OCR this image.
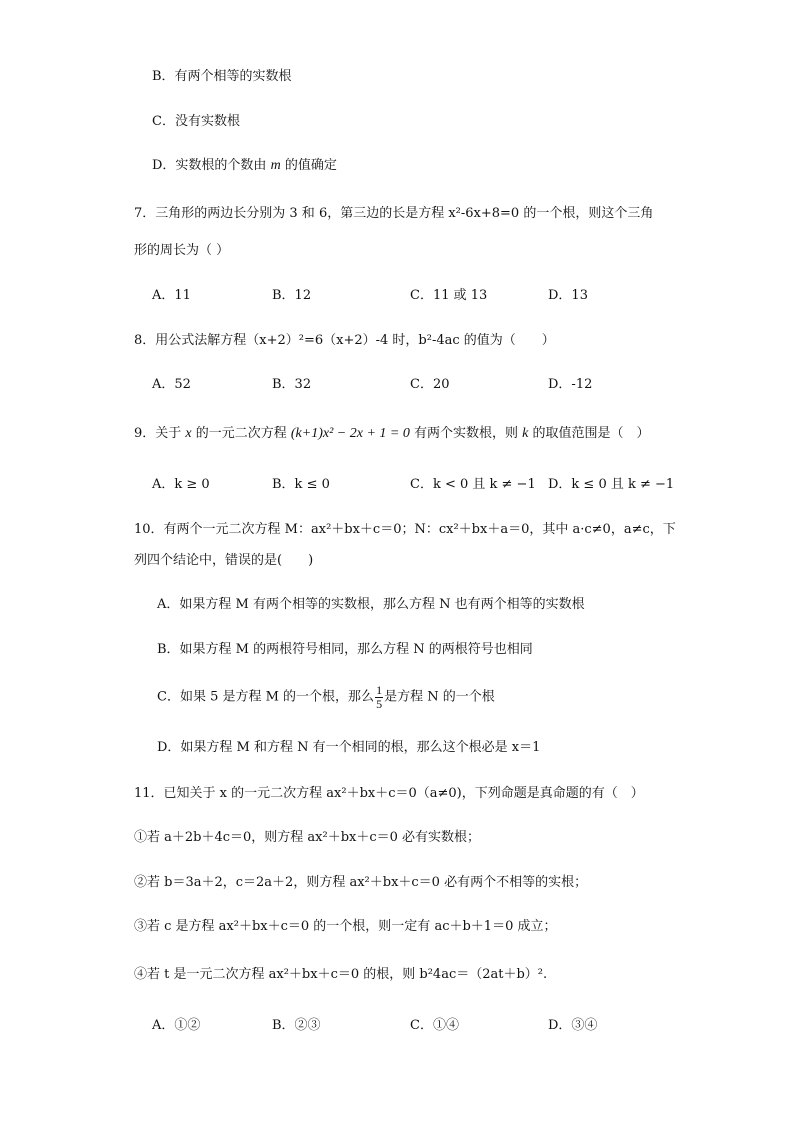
B．有两个相等的实数根
C．没有实数根
D．实数根的个数由 m 的值确定
7．三角形的两边长分别为 3 和 6，第三边的长是方程 x²-6x+8=0 的一个根，则这个三角
形的周长为（ ）
A．11	B．12	C．11 或 13	D．13
8．用公式法解方程（x+2）²=6（x+2）-4 时，b²-4ac 的值为（　　）
A．52	B．32	C．20	D．-12
9．关于 x 的一元二次方程 (k+1)x² − 2x + 1 = 0 有两个实数根，则 k 的取值范围是（　）
A．k ≥ 0	B．k ≤ 0	C．k < 0 且 k ≠ −1 D．k ≤ 0 且 k ≠ −1
10．有两个一元二次方程 M：ax²＋bx＋c＝0；N：cx²＋bx＋a＝0，其中 a·c≠0，a≠c，下
列四个结论中，错误的是(　　)
A．如果方程 M 有两个相等的实数根，那么方程 N 也有两个相等的实数根
B．如果方程 M 的两根符号相同，那么方程 N 的两根符号也相同
C．如果 5 是方程 M 的一个根，那么 $\frac{1}{5}$ 是方程 N 的一个根
D．如果方程 M 和方程 N 有一个相同的根，那么这个根必是 x＝1
11．已知关于 x 的一元二次方程 ax²＋bx＋c＝0（a≠0)，下列命题是真命题的有（　）
①若 a＋2b＋4c＝0，则方程 ax²＋bx＋c＝0 必有实数根；
②若 b＝3a＋2，c＝2a＋2，则方程 ax²＋bx＋c＝0 必有两个不相等的实根；
③若 c 是方程 ax²＋bx＋c＝0 的一个根，则一定有 ac＋b＋1＝0 成立；
④若 t 是一元二次方程 ax²＋bx＋c＝0 的根，则 b²4ac＝（2at＋b）².
A．①②	B．②③	C．①④	D．③④
